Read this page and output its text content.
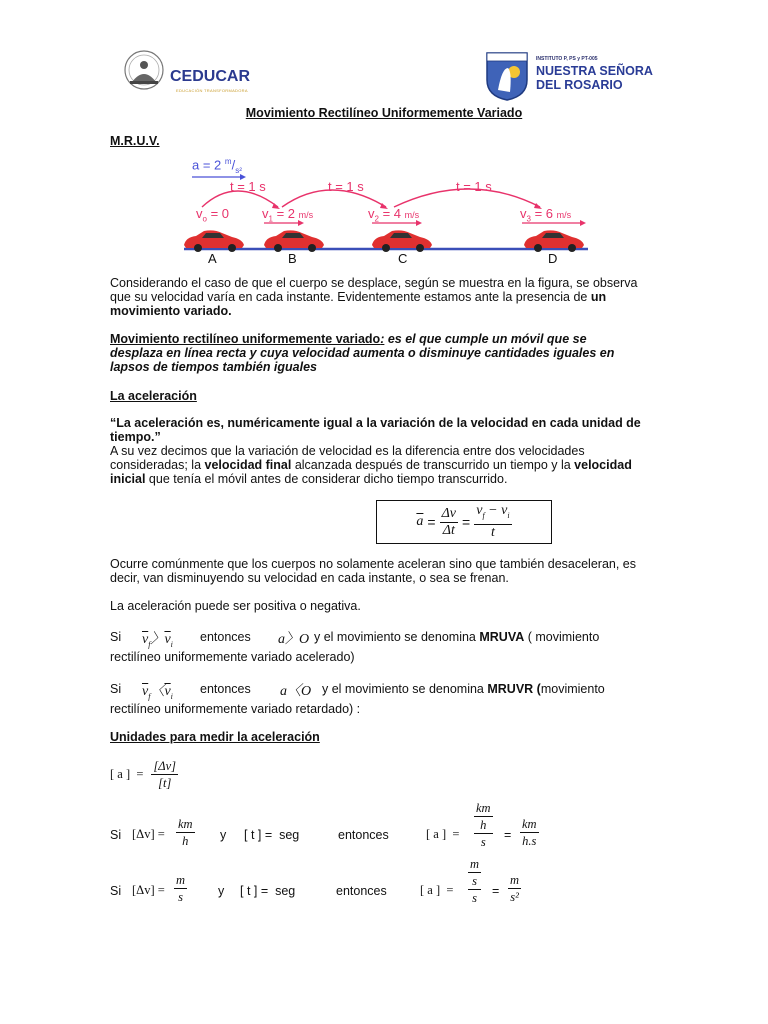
CEDUCAR
EDUCACIÓN TRANSFORMADORA
INSTITUTO P, PS y PT-005
NUESTRA SEÑORA
DEL ROSARIO
Movimiento Rectilíneo Uniformemente Variado
M.R.U.V.
a = 2 $^m/_{s^2}$
t = 1 s	t = 1 s	t = 1 s
$v_o = 0$	$v_1 = 2$ m/s	$v_2 = 4$ m/s	$v_3 = 6$ m/s
A	B	C	D
Considerando el caso de que el cuerpo se desplace, según se muestra en la figura, se observa
que su velocidad varía en cada instante. Evidentemente estamos ante la presencia de un
movimiento variado.
Movimiento rectilíneo uniformemente variado: es el que cumple un móvil que se
desplaza en línea recta y cuya velocidad aumenta o disminuye cantidades iguales en
lapsos de tiempos también iguales
La aceleración
“La aceleración es, numéricamente igual a la variación de la velocidad en cada unidad de
tiempo.”
A su vez decimos que la variación de velocidad es la diferencia entre dos velocidades
consideradas; la velocidad final alcanzada después de transcurrido un tiempo y la velocidad
inicial que tenía el móvil antes de considerar dicho tiempo transcurrido.
$\overline{a} = \frac{\Delta v}{\Delta t} = \frac{v_f - v_i}{t}$
Ocurre comúnmente que los cuerpos no solamente aceleran sino que también desaceleran, es
decir, van disminuyendo su velocidad en cada instante, o sea se frenan.
La aceleración puede ser positiva o negativa.
Si $\overline{v}_f$〉$\overline{v}_i$
entonces a〉O y el movimiento se denomina MRUVA ( movimiento
rectilíneo uniformemente variado acelerado)
Si $\overline{v}_f$〈$\overline{v}_i$
entonces a〈O y el movimiento se denomina MRUVR (movimiento
rectilíneo uniformemente variado retardado) :
Unidades para medir la aceleración
[ a ]  = $\frac{[\Delta v]}{[t]}$
Si $[\Delta v] = \frac{km}{h}$ y [ t ] =  seg	entonces	[ a ]  =
$\frac{km}{h}$
$s = \frac{km}{h.s}$
Si $[\Delta v] = \frac{m}{s}$ y [ t ] =  seg	entonces	[ a ]  = $\frac{\frac{m}{s}}{s} = \frac{m}{\text{s²}}$
